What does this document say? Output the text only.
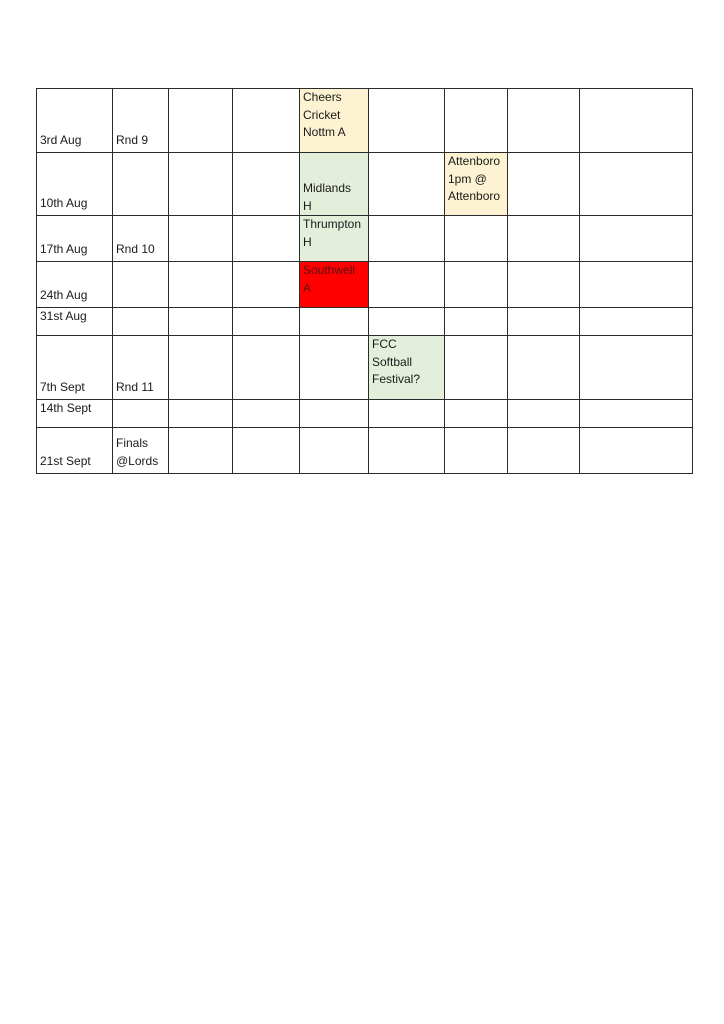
3rd Aug	Rnd 9			Cheers
Cricket
Nottm A				
10th Aug				Midlands
H		Attenboro
1pm @
Attenboro		
17th Aug	Rnd 10			Thrumpton
H				
24th Aug				Southwell
A				
31st Aug								
7th Sept	Rnd 11				FCC
Softball
Festival?			
14th Sept								
21st Sept	Finals
@Lords							
